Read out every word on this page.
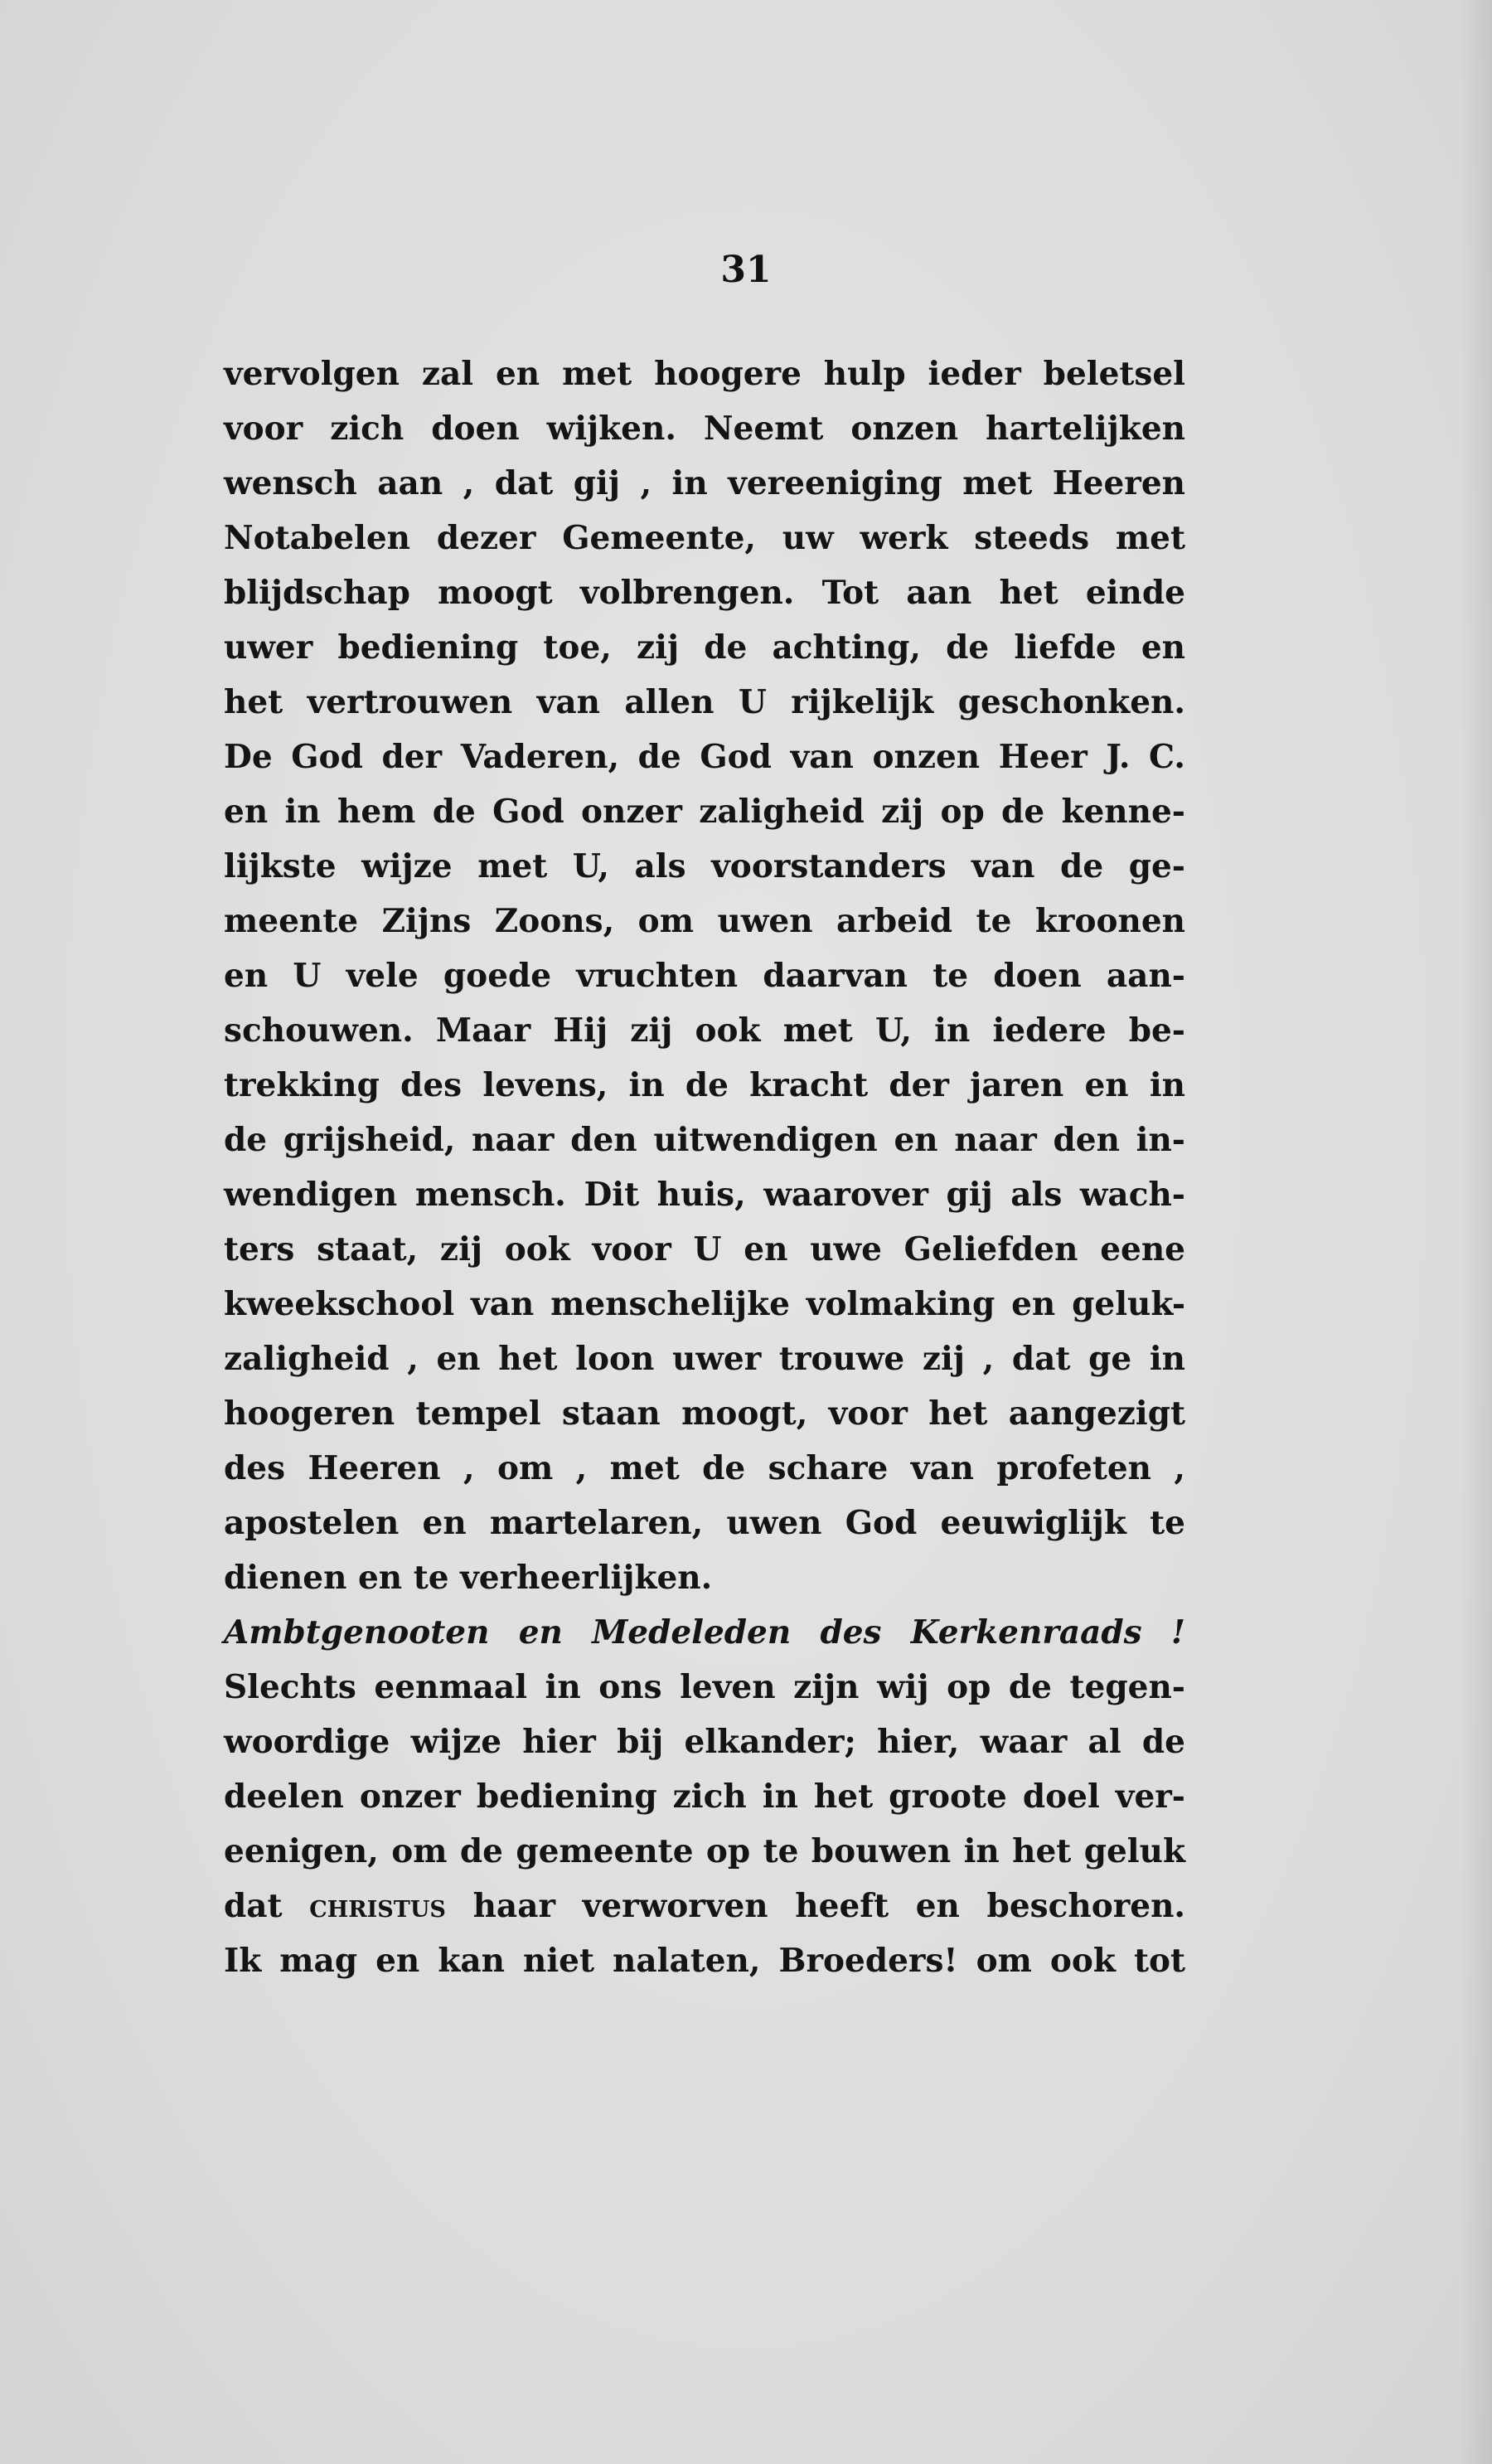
31

vervolgen zal en met hoogere hulp ieder beletsel
voor zich doen wijken. Neemt onzen hartelijken
wensch aan , dat gij , in vereeniging met Heeren
Notabelen dezer Gemeente, uw werk steeds met
blijdschap moogt volbrengen. Tot aan het einde
uwer bediening toe, zij de achting, de liefde en
het vertrouwen van allen U rijkelijk geschonken.
De God der Vaderen, de God van onzen Heer J. C.
en in hem de God onzer zaligheid zij op de kenne-
lijkste wijze met U, als voorstanders van de ge-
meente Zijns Zoons, om uwen arbeid te kroonen
en U vele goede vruchten daarvan te doen aan-
schouwen. Maar Hij zij ook met U, in iedere be-
trekking des levens, in de kracht der jaren en in
de grijsheid, naar den uitwendigen en naar den in-
wendigen mensch. Dit huis, waarover gij als wach-
ters staat, zij ook voor U en uwe Geliefden eene
kweekschool van menschelijke volmaking en geluk-
zaligheid , en het loon uwer trouwe zij , dat ge in
hoogeren tempel staan moogt, voor het aangezigt
des Heeren , om , met de schare van profeten ,
apostelen en martelaren, uwen God eeuwiglijk te
dienen en te verheerlijken.
Ambtgenooten en Medeleden des Kerkenraads !
Slechts eenmaal in ons leven zijn wij op de tegen-
woordige wijze hier bij elkander; hier, waar al de
deelen onzer bediening zich in het groote doel ver-
eenigen, om de gemeente op te bouwen in het geluk
dat christus haar verworven heeft en beschoren.
Ik mag en kan niet nalaten, Broeders! om ook tot
